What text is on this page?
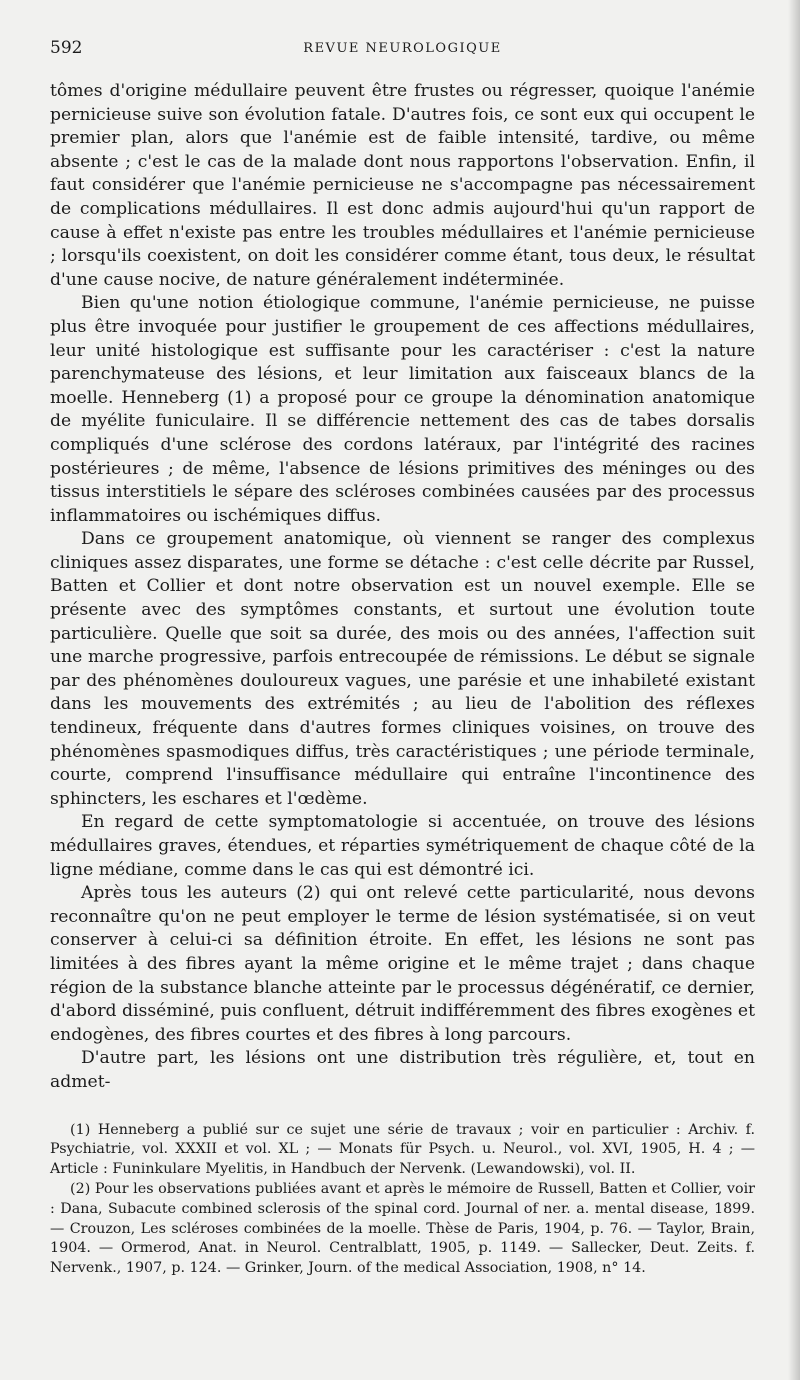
592	REVUE NEUROLOGIQUE

tômes d'origine médullaire peuvent être frustes ou régresser, quoique l'anémie pernicieuse suive son évolution fatale. D'autres fois, ce sont eux qui occupent le premier plan, alors que l'anémie est de faible intensité, tardive, ou même absente ; c'est le cas de la malade dont nous rapportons l'observation. Enfin, il faut considérer que l'anémie pernicieuse ne s'accompagne pas nécessairement de complications médullaires. Il est donc admis aujourd'hui qu'un rapport de cause à effet n'existe pas entre les troubles médullaires et l'anémie pernicieuse ; lorsqu'ils coexistent, on doit les considérer comme étant, tous deux, le résultat d'une cause nocive, de nature généralement indéterminée.

Bien qu'une notion étiologique commune, l'anémie pernicieuse, ne puisse plus être invoquée pour justifier le groupement de ces affections médullaires, leur unité histologique est suffisante pour les caractériser : c'est la nature parenchymateuse des lésions, et leur limitation aux faisceaux blancs de la moelle. Henneberg (1) a proposé pour ce groupe la dénomination anatomique de myélite funiculaire. Il se différencie nettement des cas de tabes dorsalis compliqués d'une sclérose des cordons latéraux, par l'intégrité des racines postérieures ; de même, l'absence de lésions primitives des méninges ou des tissus interstitiels le sépare des scléroses combinées causées par des processus inflammatoires ou ischémiques diffus.

Dans ce groupement anatomique, où viennent se ranger des complexus cliniques assez disparates, une forme se détache : c'est celle décrite par Russel, Batten et Collier et dont notre observation est un nouvel exemple. Elle se présente avec des symptômes constants, et surtout une évolution toute particulière. Quelle que soit sa durée, des mois ou des années, l'affection suit une marche progressive, parfois entrecoupée de rémissions. Le début se signale par des phénomènes douloureux vagues, une parésie et une inhabileté existant dans les mouvements des extrémités ; au lieu de l'abolition des réflexes tendineux, fréquente dans d'autres formes cliniques voisines, on trouve des phénomènes spasmodiques diffus, très caractéristiques ; une période terminale, courte, comprend l'insuffisance médullaire qui entraîne l'incontinence des sphincters, les eschares et l'œdème.

En regard de cette symptomatologie si accentuée, on trouve des lésions médullaires graves, étendues, et réparties symétriquement de chaque côté de la ligne médiane, comme dans le cas qui est démontré ici.

Après tous les auteurs (2) qui ont relevé cette particularité, nous devons reconnaître qu'on ne peut employer le terme de lésion systématisée, si on veut conserver à celui-ci sa définition étroite. En effet, les lésions ne sont pas limitées à des fibres ayant la même origine et le même trajet ; dans chaque région de la substance blanche atteinte par le processus dégénératif, ce dernier, d'abord disséminé, puis confluent, détruit indifféremment des fibres exogènes et endogènes, des fibres courtes et des fibres à long parcours.

D'autre part, les lésions ont une distribution très régulière, et, tout en admet-

(1) Henneberg a publié sur ce sujet une série de travaux ; voir en particulier : Archiv. f. Psychiatrie, vol. XXXII et vol. XL ; — Monats für Psych. u. Neurol., vol. XVI, 1905, H. 4 ; — Article : Funinkulare Myelitis, in Handbuch der Nervenk. (Lewandowski), vol. II.

(2) Pour les observations publiées avant et après le mémoire de Russell, Batten et Collier, voir : Dana, Subacute combined sclerosis of the spinal cord. Journal of ner. a. mental disease, 1899. — Crouzon, Les scléroses combinées de la moelle. Thèse de Paris, 1904, p. 76. — Taylor, Brain, 1904. — Ormerod, Anat. in Neurol. Centralblatt, 1905, p. 1149. — Sallecker, Deut. Zeits. f. Nervenk., 1907, p. 124. — Grinker, Journ. of the medical Association, 1908, n° 14.
